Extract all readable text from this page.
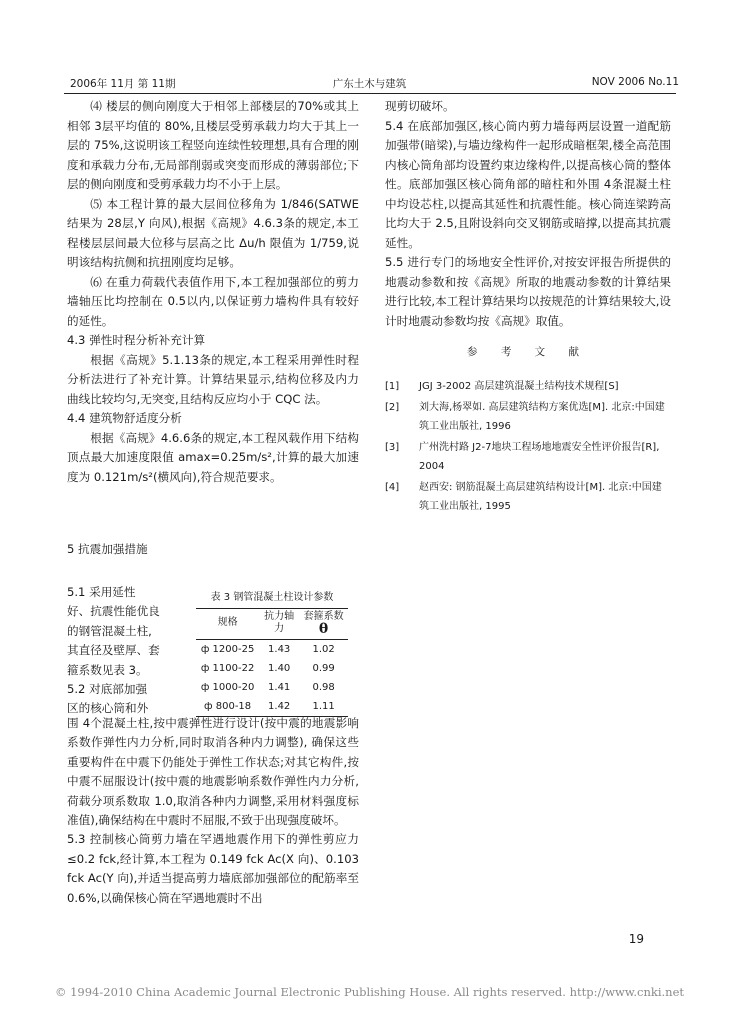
2006年 11月 第 11期	广东土木与建筑	NOV 2006 No.11

⑷ 楼层的侧向刚度大于相邻上部楼层的70%或其上相邻 3层平均值的 80%,且楼层受剪承载力均大于其上一层的 75%,这说明该工程竖向连续性较理想,具有合理的刚度和承载力分布,无局部削弱或突变而形成的薄弱部位;下层的侧向刚度和受剪承载力均不小于上层。

⑸ 本工程计算的最大层间位移角为 1/846(SATWE 结果为 28层,Y 向风),根据《高规》4.6.3条的规定,本工程楼层层间最大位移与层高之比 Δu/h 限值为 1/759,说明该结构抗侧和抗扭刚度均足够。

⑹ 在重力荷载代表值作用下,本工程加强部位的剪力墙轴压比均控制在 0.5以内,以保证剪力墙构件具有较好的延性。

4.3 弹性时程分析补充计算

根据《高规》5.1.13条的规定,本工程采用弹性时程分析法进行了补充计算。计算结果显示,结构位移及内力曲线比较均匀,无突变,且结构反应均小于 CQC 法。

4.4 建筑物舒适度分析

根据《高规》4.6.6条的规定,本工程风载作用下结构顶点最大加速度限值 amax=0.25m/s²,计算的最大加速度为 0.121m/s²(横风向),符合规范要求。

现剪切破坏。

5.4 在底部加强区,核心筒内剪力墙每两层设置一道配筋加强带(暗梁),与墙边缘构件一起形成暗框架,楼全高范围内核心筒角部均设置约束边缘构件,以提高核心筒的整体性。底部加强区核心筒角部的暗柱和外围 4条混凝土柱中均设芯柱,以提高其延性和抗震性能。核心筒连梁跨高比均大于 2.5,且附设斜向交叉钢筋或暗撑,以提高其抗震延性。

5.5 进行专门的场地安全性评价,对按安评报告所提供的地震动参数和按《高规》所取的地震动参数的计算结果进行比较,本工程计算结果均以按规范的计算结果较大,设计时地震动参数均按《高规》取值。

参 考 文 献
[1] JGJ 3-2002 高层建筑混凝土结构技术规程[S]
[2] 刘大海,杨翠如. 高层建筑结构方案优选[M]. 北京:中国建筑工业出版社, 1996
[3] 广州洗村路 J2-7地块工程场地地震安全性评价报告[R], 2004
[4] 赵西安: 钢筋混凝土高层建筑结构设计[M]. 北京:中国建筑工业出版社, 1995
5 抗震加强措施
5.1 采用延性
好、抗震性能优良
的钢管混凝土柱,
其直径及壁厚、套
箍系数见表 3。
5.2 对底部加强
区的核心筒和外
表 3 钢管混凝土柱设计参数
规格	抗力轴力	套箍系数
θ

ф 1200-25	1.43	1.02
ф 1100-22	1.40	0.99
ф 1000-20	1.41	0.98
ф 800-18	1.42	1.11

围 4个混凝土柱,按中震弹性进行设计(按中震的地震影响系数作弹性内力分析,同时取消各种内力调整), 确保这些重要构件在中震下仍能处于弹性工作状态;对其它构件,按中震不屈服设计(按中震的地震影响系数作弹性内力分析,荷载分项系数取 1.0,取消各种内力调整,采用材料强度标准值),确保结构在中震时不屈服,不致于出现强度破坏。

5.3 控制核心筒剪力墙在罕遇地震作用下的弹性剪应力≤0.2 fck,经计算,本工程为 0.149 fck Ac(X 向)、0.103 fck Ac(Y 向),并适当提高剪力墙底部加强部位的配筋率至 0.6%,以确保核心筒在罕遇地震时不出

19
© 1994-2010 China Academic Journal Electronic Publishing House. All rights reserved. http://www.cnki.net
